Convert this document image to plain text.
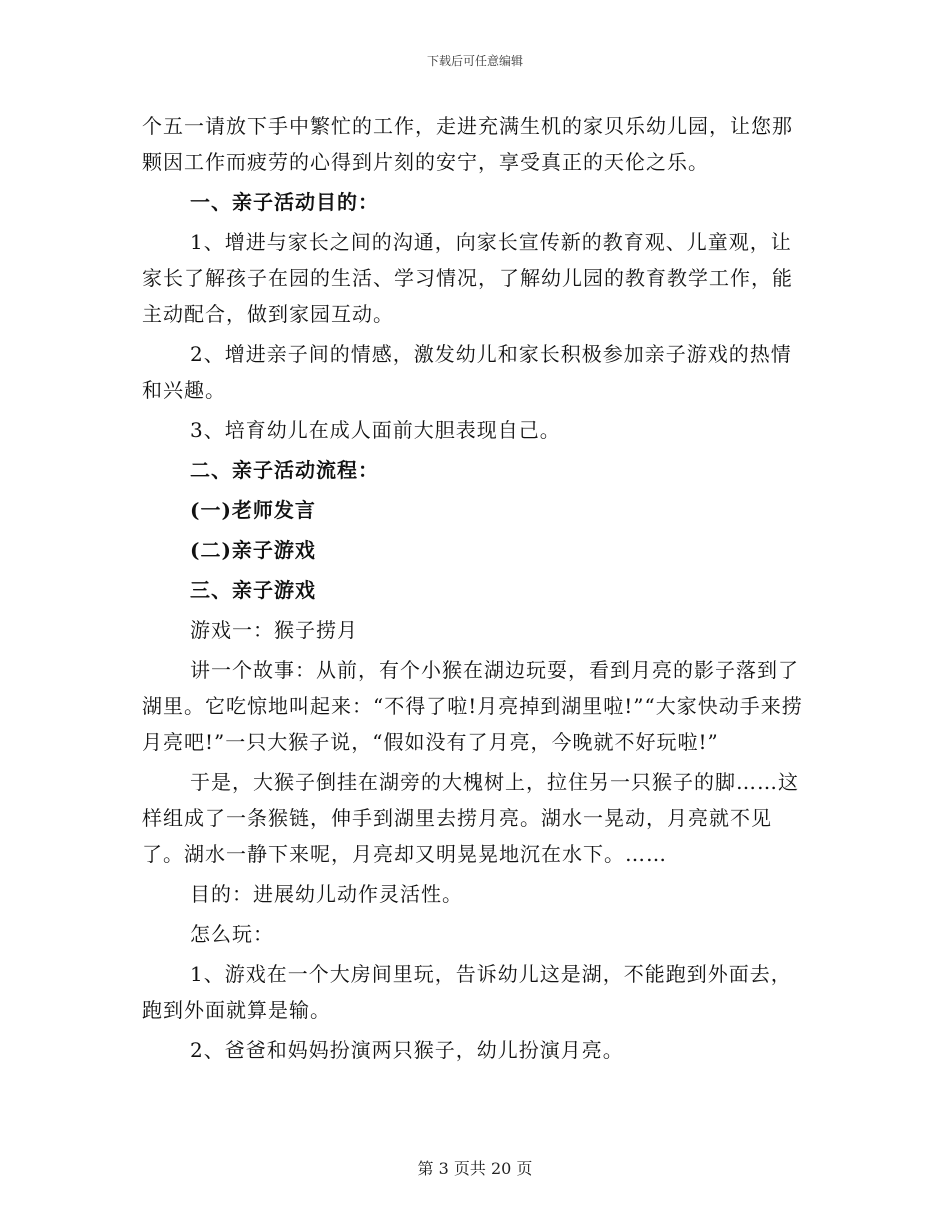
下载后可任意编辑

个五一请放下手中繁忙的工作，走进充满生机的家贝乐幼儿园，让您那颗因工作而疲劳的心得到片刻的安宁，享受真正的天伦之乐。

一、亲子活动目的：

1、增进与家长之间的沟通，向家长宣传新的教育观、儿童观，让家长了解孩子在园的生活、学习情况，了解幼儿园的教育教学工作，能主动配合，做到家园互动。

2、增进亲子间的情感，激发幼儿和家长积极参加亲子游戏的热情和兴趣。

3、培育幼儿在成人面前大胆表现自己。

二、亲子活动流程：

(一)老师发言

(二)亲子游戏

三、亲子游戏

游戏一：猴子捞月

讲一个故事：从前，有个小猴在湖边玩耍，看到月亮的影子落到了湖里。它吃惊地叫起来：“不得了啦!月亮掉到湖里啦!”“大家快动手来捞月亮吧!”一只大猴子说，“假如没有了月亮，今晚就不好玩啦!”

于是，大猴子倒挂在湖旁的大槐树上，拉住另一只猴子的脚……这样组成了一条猴链，伸手到湖里去捞月亮。湖水一晃动，月亮就不见了。湖水一静下来呢，月亮却又明晃晃地沉在水下。……

目的：进展幼儿动作灵活性。

怎么玩：

1、游戏在一个大房间里玩，告诉幼儿这是湖，不能跑到外面去，跑到外面就算是输。

2、爸爸和妈妈扮演两只猴子，幼儿扮演月亮。

第 3 页共 20 页
